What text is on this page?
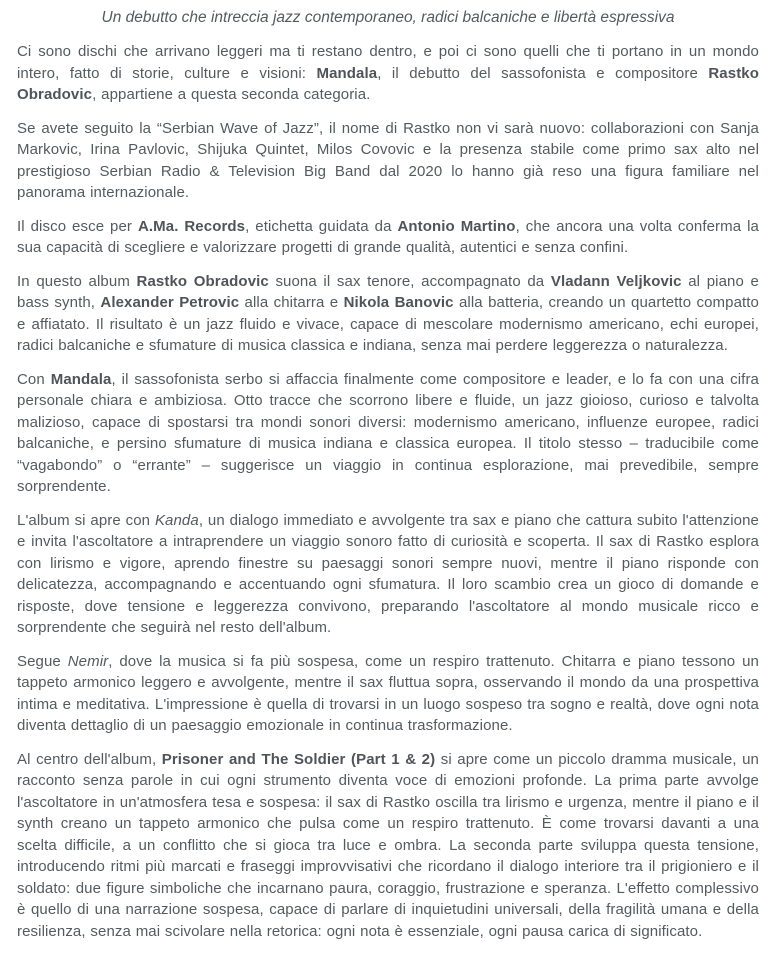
Un debutto che intreccia jazz contemporaneo, radici balcaniche e libertà espressiva

Ci sono dischi che arrivano leggeri ma ti restano dentro, e poi ci sono quelli che ti portano in un mondo intero, fatto di storie, culture e visioni: Mandala, il debutto del sassofonista e compositore Rastko Obradovic, appartiene a questa seconda categoria.

Se avete seguito la “Serbian Wave of Jazz”, il nome di Rastko non vi sarà nuovo: collaborazioni con Sanja Markovic, Irina Pavlovic, Shijuka Quintet, Milos Covovic e la presenza stabile come primo sax alto nel prestigioso Serbian Radio & Television Big Band dal 2020 lo hanno già reso una figura familiare nel panorama internazionale.

Il disco esce per A.Ma. Records, etichetta guidata da Antonio Martino, che ancora una volta conferma la sua capacità di scegliere e valorizzare progetti di grande qualità, autentici e senza confini.

In questo album Rastko Obradovic suona il sax tenore, accompagnato da Vladann Veljkovic al piano e bass synth, Alexander Petrovic alla chitarra e Nikola Banovic alla batteria, creando un quartetto compatto e affiatato. Il risultato è un jazz fluido e vivace, capace di mescolare modernismo americano, echi europei, radici balcaniche e sfumature di musica classica e indiana, senza mai perdere leggerezza o naturalezza.

Con Mandala, il sassofonista serbo si affaccia finalmente come compositore e leader, e lo fa con una cifra personale chiara e ambiziosa. Otto tracce che scorrono libere e fluide, un jazz gioioso, curioso e talvolta malizioso, capace di spostarsi tra mondi sonori diversi: modernismo americano, influenze europee, radici balcaniche, e persino sfumature di musica indiana e classica europea. Il titolo stesso – traducibile come “vagabondo” o “errante” – suggerisce un viaggio in continua esplorazione, mai prevedibile, sempre sorprendente.

L'album si apre con Kanda, un dialogo immediato e avvolgente tra sax e piano che cattura subito l'attenzione e invita l'ascoltatore a intraprendere un viaggio sonoro fatto di curiosità e scoperta. Il sax di Rastko esplora con lirismo e vigore, aprendo finestre su paesaggi sonori sempre nuovi, mentre il piano risponde con delicatezza, accompagnando e accentuando ogni sfumatura. Il loro scambio crea un gioco di domande e risposte, dove tensione e leggerezza convivono, preparando l'ascoltatore al mondo musicale ricco e sorprendente che seguirà nel resto dell'album.

Segue Nemir, dove la musica si fa più sospesa, come un respiro trattenuto. Chitarra e piano tessono un tappeto armonico leggero e avvolgente, mentre il sax fluttua sopra, osservando il mondo da una prospettiva intima e meditativa. L'impressione è quella di trovarsi in un luogo sospeso tra sogno e realtà, dove ogni nota diventa dettaglio di un paesaggio emozionale in continua trasformazione.

Al centro dell'album, Prisoner and The Soldier (Part 1 & 2) si apre come un piccolo dramma musicale, un racconto senza parole in cui ogni strumento diventa voce di emozioni profonde. La prima parte avvolge l'ascoltatore in un'atmosfera tesa e sospesa: il sax di Rastko oscilla tra lirismo e urgenza, mentre il piano e il synth creano un tappeto armonico che pulsa come un respiro trattenuto. È come trovarsi davanti a una scelta difficile, a un conflitto che si gioca tra luce e ombra. La seconda parte sviluppa questa tensione, introducendo ritmi più marcati e fraseggi improvvisativi che ricordano il dialogo interiore tra il prigioniero e il soldato: due figure simboliche che incarnano paura, coraggio, frustrazione e speranza. L'effetto complessivo è quello di una narrazione sospesa, capace di parlare di inquietudini universali, della fragilità umana e della resilienza, senza mai scivolare nella retorica: ogni nota è essenziale, ogni pausa carica di significato.
